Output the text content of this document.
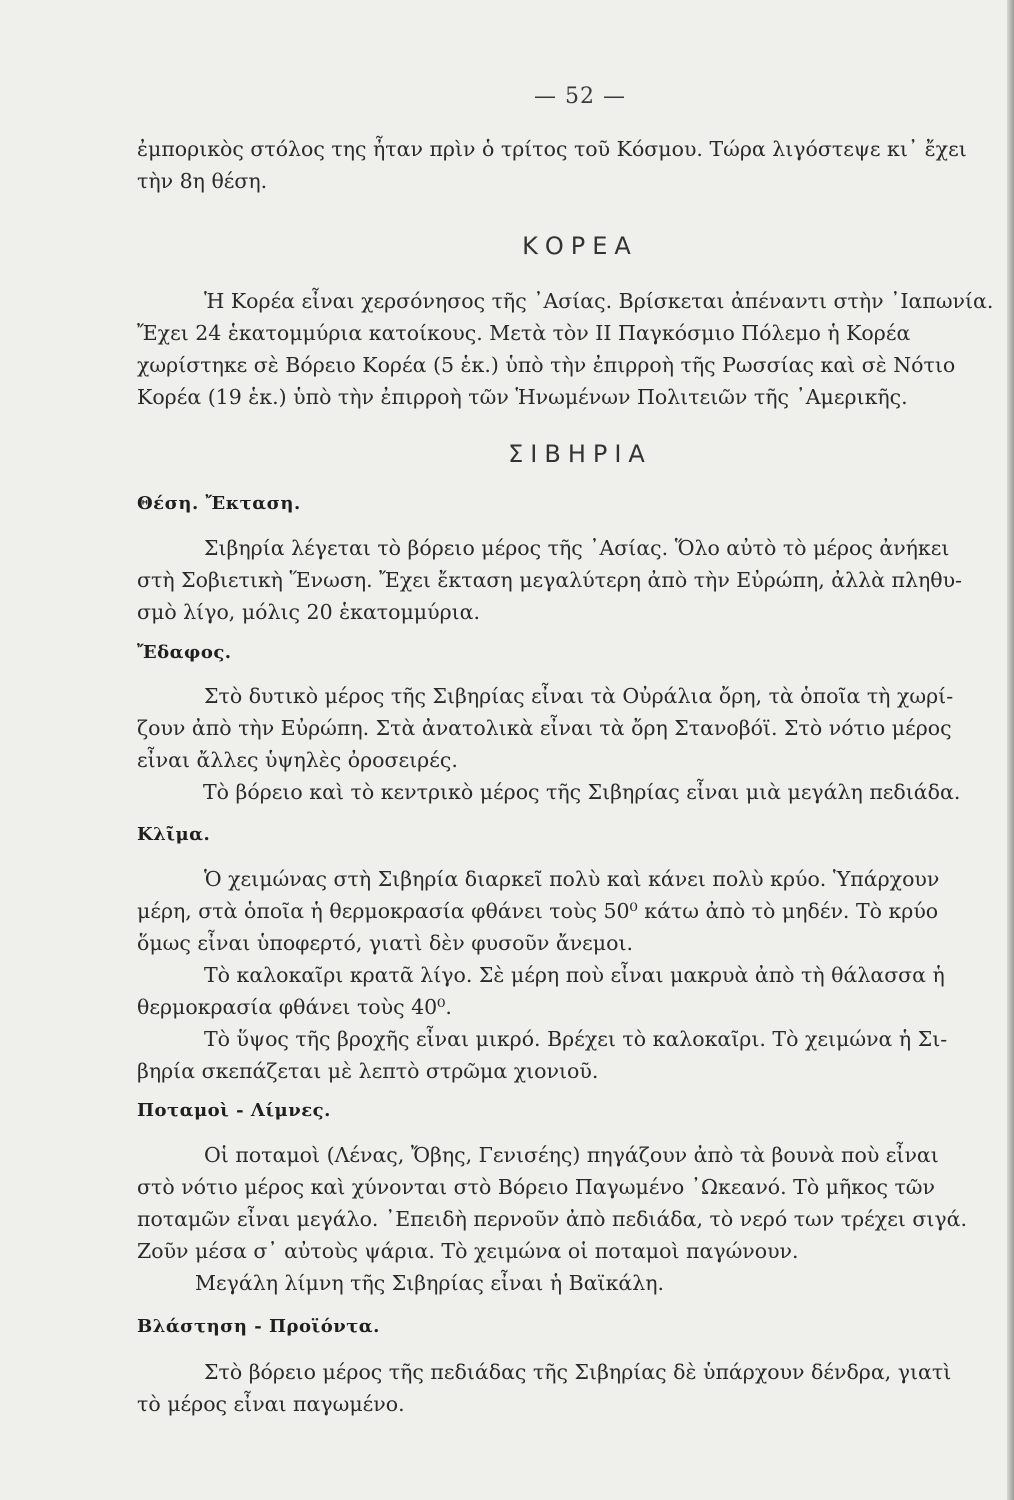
— 52 —
ἐμπορικὸς στόλος της ἦταν πρὶν ὁ τρίτος τοῦ Κόσμου. Τώρα λιγόστεψε κι᾿ ἔχει
τὴν 8η θέση.
ΚΟΡΕΑ
Ἡ Κορέα εἶναι χερσόνησος τῆς ᾿Ασίας. Βρίσκεται ἀπέναντι στὴν ᾿Ιαπωνία.
Ἔχει 24 ἑκατομμύρια κατοίκους. Μετὰ τὸν ΙΙ Παγκόσμιο Πόλεμο ἡ Κορέα
χωρίστηκε σὲ Βόρειο Κορέα (5 ἑκ.) ὑπὸ τὴν ἐπιρροὴ τῆς Ρωσσίας καὶ σὲ Νότιο
Κορέα (19 ἑκ.) ὑπὸ τὴν ἐπιρροὴ τῶν Ἡνωμένων Πολιτειῶν τῆς ᾿Αμερικῆς.
ΣΙΒΗΡΙΑ
Θέση. Ἔκταση.
Σιβηρία λέγεται τὸ βόρειο μέρος τῆς ᾿Ασίας. Ὅλο αὐτὸ τὸ μέρος ἀνήκει
στὴ Σοβιετικὴ Ἕνωση. Ἔχει ἔκταση μεγαλύτερη ἀπὸ τὴν Εὐρώπη, ἀλλὰ πληθυ-
σμὸ λίγο, μόλις 20 ἑκατομμύρια.
Ἔδαφος.
Στὸ δυτικὸ μέρος τῆς Σιβηρίας εἶναι τὰ Οὐράλια ὄρη, τὰ ὁποῖα τὴ χωρί-
ζουν ἀπὸ τὴν Εὐρώπη. Στὰ ἀνατολικὰ εἶναι τὰ ὄρη Στανοβόϊ. Στὸ νότιο μέρος
εἶναι ἄλλες ὑψηλὲς ὀροσειρές.
Τὸ βόρειο καὶ τὸ κεντρικὸ μέρος τῆς Σιβηρίας εἶναι μιὰ μεγάλη πεδιάδα.
Κλῖμα.
Ὁ χειμώνας στὴ Σιβηρία διαρκεῖ πολὺ καὶ κάνει πολὺ κρύο. Ὑπάρχουν
μέρη, στὰ ὁποῖα ἡ θερμοκρασία φθάνει τοὺς 50⁰ κάτω ἀπὸ τὸ μηδέν. Τὸ κρύο
ὅμως εἶναι ὑποφερτό, γιατὶ δὲν φυσοῦν ἄνεμοι.
Τὸ καλοκαῖρι κρατᾶ λίγο. Σὲ μέρη ποὺ εἶναι μακρυὰ ἀπὸ τὴ θάλασσα ἡ
θερμοκρασία φθάνει τοὺς 40⁰.
Τὸ ὕψος τῆς βροχῆς εἶναι μικρό. Βρέχει τὸ καλοκαῖρι. Τὸ χειμώνα ἡ Σι-
βηρία σκεπάζεται μὲ λεπτὸ στρῶμα χιονιοῦ.
Ποταμοὶ - Λίμνες.
Οἱ ποταμοὶ (Λένας, Ὄβης, Γενισέης) πηγάζουν ἀπὸ τὰ βουνὰ ποὺ εἶναι
στὸ νότιο μέρος καὶ χύνονται στὸ Βόρειο Παγωμένο ᾿Ωκεανό. Τὸ μῆκος τῶν
ποταμῶν εἶναι μεγάλο. ᾿Επειδὴ περνοῦν ἀπὸ πεδιάδα, τὸ νερό των τρέχει σιγά.
Ζοῦν μέσα σ᾿ αὐτοὺς ψάρια. Τὸ χειμώνα οἱ ποταμοὶ παγώνουν.
Μεγάλη λίμνη τῆς Σιβηρίας εἶναι ἡ Βαϊκάλη.
Βλάστηση - Προϊόντα.
Στὸ βόρειο μέρος τῆς πεδιάδας τῆς Σιβηρίας δὲ ὑπάρχουν δένδρα, γιατὶ
τὸ μέρος εἶναι παγωμένο.
